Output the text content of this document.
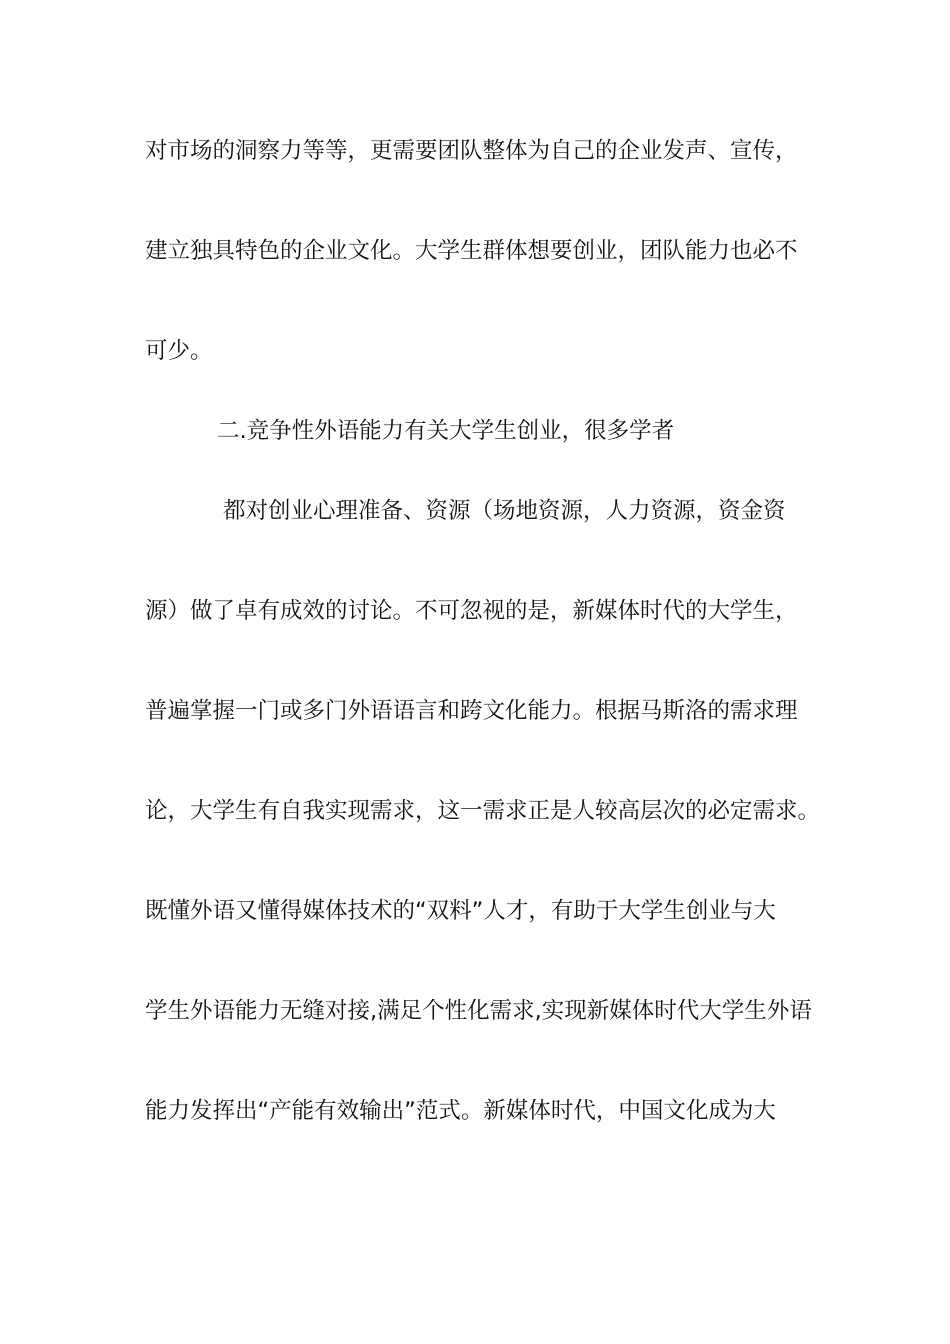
对市场的洞察力等等，更需要团队整体为自己的企业发声、宣传，
建立独具特色的企业文化。大学生群体想要创业，团队能力也必不
可少。
二.竞争性外语能力有关大学生创业，很多学者
都对创业心理准备、资源（场地资源，人力资源，资金资
源）做了卓有成效的讨论。不可忽视的是，新媒体时代的大学生，
普遍掌握一门或多门外语语言和跨文化能力。根据马斯洛的需求理
论，大学生有自我实现需求，这一需求正是人较高层次的必定需求。
既懂外语又懂得媒体技术的“双料”人才，有助于大学生创业与大
学生外语能力无缝对接,满足个性化需求,实现新媒体时代大学生外语
能力发挥出“产能有效输出”范式。新媒体时代，中国文化成为大
